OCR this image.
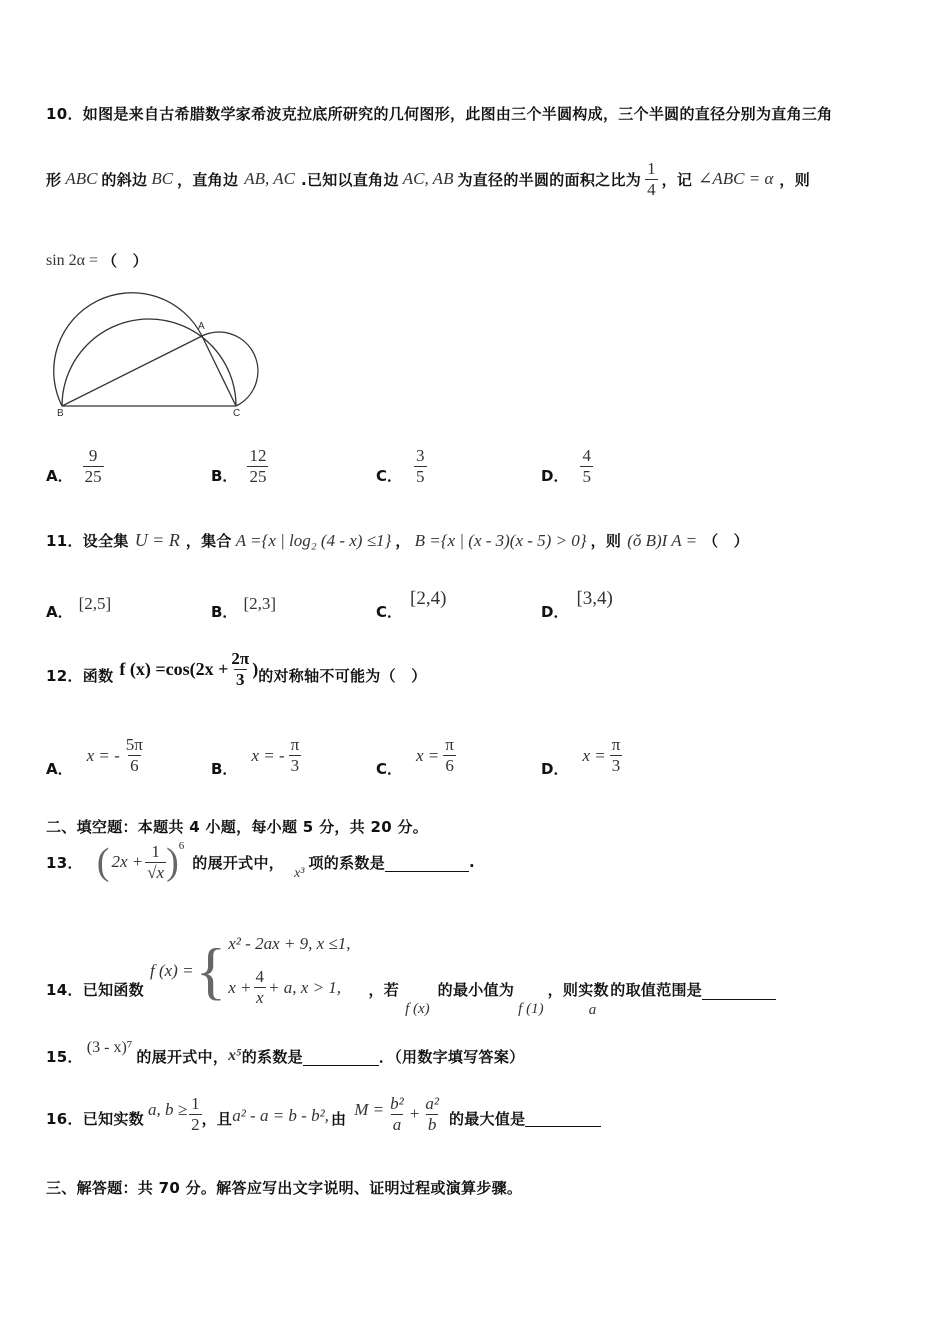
10．如图是来自古希腊数学家希波克拉底所研究的几何图形，此图由三个半圆构成，三个半圆的直径分别为直角三角
形 ABC 的斜边 BC ，直角边 AB, AC .已知以直角边 AC, AB 为直径的半圆的面积之比为 $\frac{1}{4}$ ，记 ∠ABC = α ，则
sin 2α = （　）
A
B	C
A． $\frac{9}{25}$	B． $\frac{12}{25}$	C． $\frac{3}{5}$	D． $\frac{4}{5}$
11．设全集 U = R ，集合 A ={x | log₂ (4 - x) ≤1} ， B ={x | (x - 3)(x - 5) > 0} ，则 (ǒ B)I A = （　）
A． [2,5]	B． [2,3]	C．
[2,4)
D．
[3,4)
12．函数 f $(x) =\cos(2x + \frac{2\pi}{3}$ ) 的对称轴不可能为（　）
A．
x = - $\frac{5\pi}{6}$	B．
x = - $\frac{\pi}{3}$	C．
$x = \frac{\pi}{6}$	D．
$x = \frac{\pi}{3}$
二、填空题：本题共 4 小题，每小题 5 分，共 20 分。
13． ( $2x + \frac{1}{√x} )^6$
的展开式中，
x³
项的系数是	.
14．已知函数
f (x) = { x² - 2ax + 9, x ≤1,
$x + \frac{4}{x} + a$, x > 1, ，若
f (x)
的最小值为
f (1)
，则实数
a
的取值范围是
15．
(3 - x)⁷
的展开式中， x⁵ 的系数是	．（用数字填写答案）
16．已知实数 a, $b \ge \frac{1}{2}$ ，且 a² - a = b - b², 由 $M = \frac{\text{b²}}{a} + \frac{\text{a²}}{b}$ 的最大值是
三、解答题：共 70 分。解答应写出文字说明、证明过程或演算步骤。
